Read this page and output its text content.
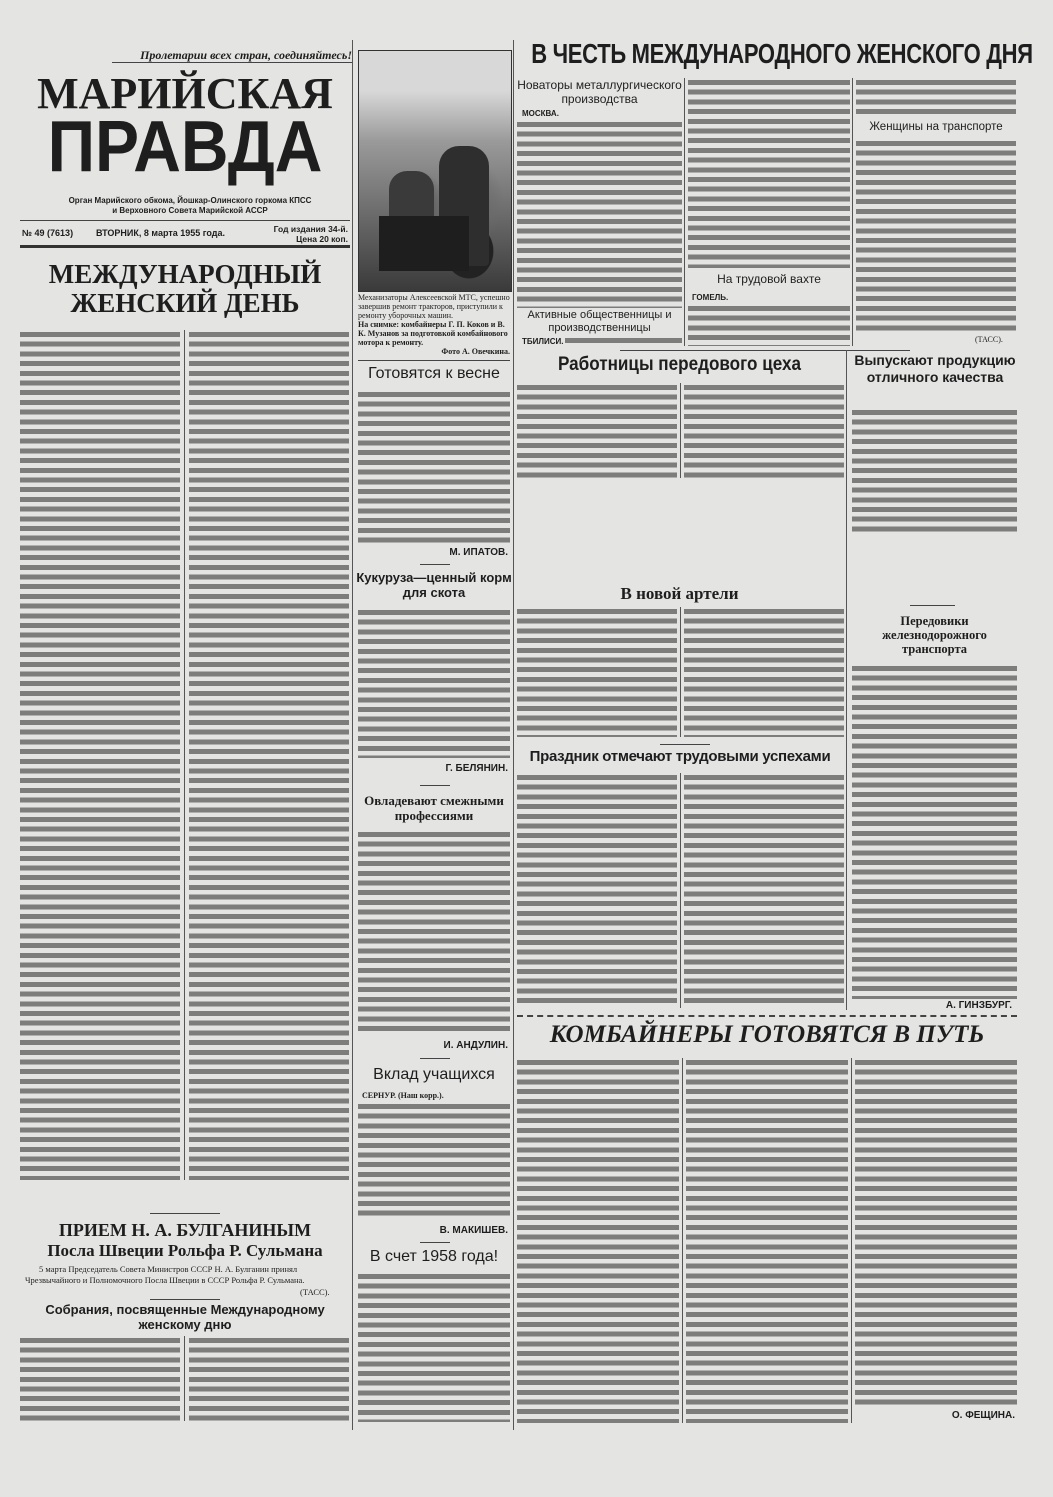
Пролетарии всех стран, соединяйтесь!
МАРИЙСКАЯ
ПРАВДА
Орган Марийского обкома, Йошкар-Олинского горкома КПСС
и Верховного Совета Марийской АССР
№ 49 (7613)	ВТОРНИК, 8 марта 1955 года.	Год издания 34-й.
Цена 20 коп.
МЕЖДУНАРОДНЫЙ
ЖЕНСКИЙ ДЕНЬ
ПРИЕМ Н. А. БУЛГАНИНЫМ
Посла Швеции Рольфа Р. Сульмана
5 марта Председатель Совета Министров СССР Н. А. Булганин принял Чрезвычайного и Полномочного Посла Швеции в СССР Рольфа Р. Сульмана.
(ТАСС).
Собрания, посвященные Международному женскому дню
Механизаторы Алексеевской МТС, успешно завершив ремонт тракторов, приступили к ремонту уборочных машин.
На снимке: комбайнеры Г. П. Коков и В. К. Музанов за подготовкой комбайнового мотора к ремонту.
Фото А. Овечкина.
Готовятся к весне
М. ИПАТОВ.
Кукуруза—ценный корм для скота
Г. БЕЛЯНИН.
Овладевают смежными профессиями
И. АНДУЛИН.
Вклад учащихся
СЕРНУР. (Наш корр.).
В. МАКИШЕВ.
В счет 1958 года!
В ЧЕСТЬ МЕЖДУНАРОДНОГО ЖЕНСКОГО ДНЯ
Новаторы металлургического производства
МОСКВА.
Активные общественницы и производственницы
ТБИЛИСИ.
На трудовой вахте
ГОМЕЛЬ.
Женщины на транспорте
(ТАСС).
Работницы передового цеха
В новой артели
Праздник отмечают трудовыми успехами
Выпускают продукцию отличного качества
Передовики железнодорожного транспорта
А. ГИНЗБУРГ.
КОМБАЙНЕРЫ ГОТОВЯТСЯ В ПУТЬ
О. ФЕЩИНА.
